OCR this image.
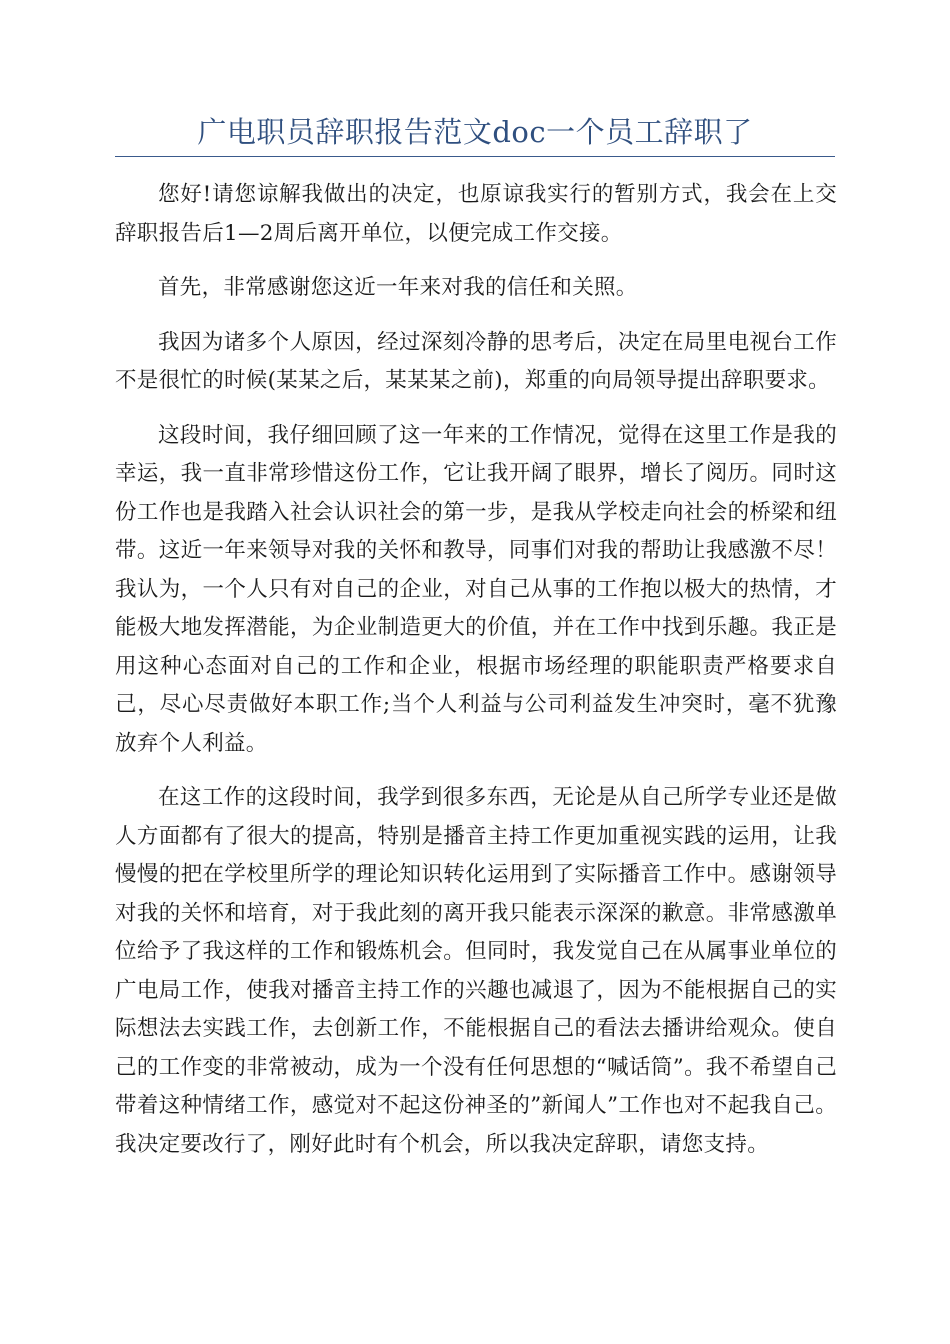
广电职员辞职报告范文doc一个员工辞职了

您好!请您谅解我做出的决定，也原谅我实行的暂别方式，我会在上交辞职报告后1—2周后离开单位，以便完成工作交接。

首先，非常感谢您这近一年来对我的信任和关照。

我因为诸多个人原因，经过深刻冷静的思考后，决定在局里电视台工作不是很忙的时候(某某之后，某某某之前)，郑重的向局领导提出辞职要求。

这段时间，我仔细回顾了这一年来的工作情况，觉得在这里工作是我的幸运，我一直非常珍惜这份工作，它让我开阔了眼界，增长了阅历。同时这份工作也是我踏入社会认识社会的第一步，是我从学校走向社会的桥梁和纽带。这近一年来领导对我的关怀和教导，同事们对我的帮助让我感激不尽！我认为，一个人只有对自己的企业，对自己从事的工作抱以极大的热情，才能极大地发挥潜能，为企业制造更大的价值，并在工作中找到乐趣。我正是用这种心态面对自己的工作和企业，根据市场经理的职能职责严格要求自己，尽心尽责做好本职工作;当个人利益与公司利益发生冲突时，毫不犹豫放弃个人利益。

在这工作的这段时间，我学到很多东西，无论是从自己所学专业还是做人方面都有了很大的提高，特别是播音主持工作更加重视实践的运用，让我慢慢的把在学校里所学的理论知识转化运用到了实际播音工作中。感谢领导对我的关怀和培育，对于我此刻的离开我只能表示深深的歉意。非常感激单位给予了我这样的工作和锻炼机会。但同时，我发觉自己在从属事业单位的广电局工作，使我对播音主持工作的兴趣也减退了，因为不能根据自己的实际想法去实践工作，去创新工作，不能根据自己的看法去播讲给观众。使自己的工作变的非常被动，成为一个没有任何思想的“喊话筒”。我不希望自己带着这种情绪工作，感觉对不起这份神圣的”新闻人”工作也对不起我自己。我决定要改行了，刚好此时有个机会，所以我决定辞职，请您支持。
